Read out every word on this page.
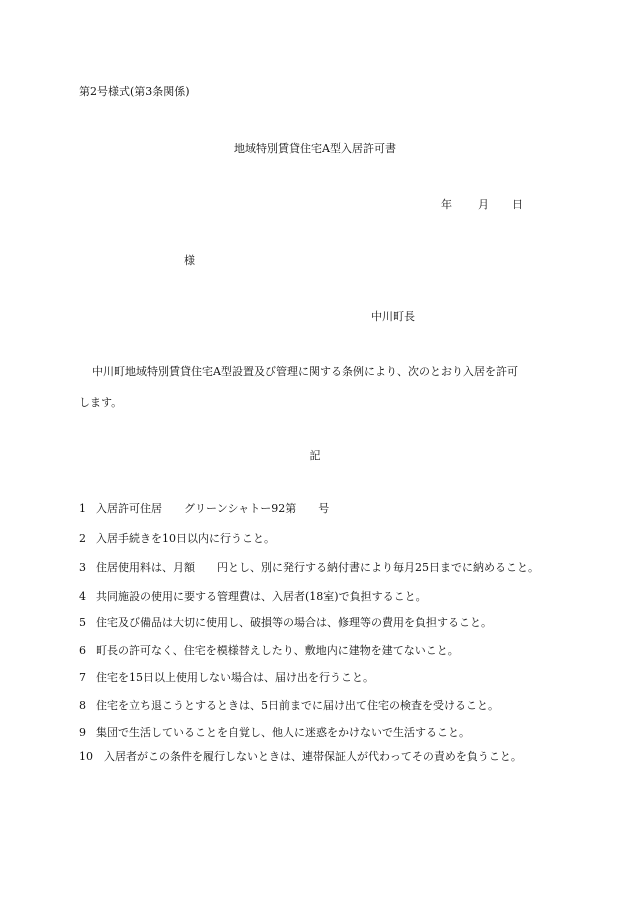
第2号様式(第3条関係)
地域特別賃貸住宅A型入居許可書
年 月 日
様
中川町長
中川町地域特別賃貸住宅A型設置及び管理に関する条例により、次のとおり入居を許可
します。
記
1 入居許可住居　　グリーンシャトー92第　　号
2 入居手続きを10日以内に行うこと。
3 住居使用料は、月額　　円とし、別に発行する納付書により毎月25日までに納めること。
4 共同施設の使用に要する管理費は、入居者(18室)で負担すること。
5 住宅及び備品は大切に使用し、破損等の場合は、修理等の費用を負担すること。
6 町長の許可なく、住宅を模様替えしたり、敷地内に建物を建てないこと。
7 住宅を15日以上使用しない場合は、届け出を行うこと。
8 住宅を立ち退こうとするときは、5日前までに届け出て住宅の検査を受けること。
9 集団で生活していることを自覚し、他人に迷惑をかけないで生活すること。
10 入居者がこの条件を履行しないときは、連帯保証人が代わってその責めを負うこと。
